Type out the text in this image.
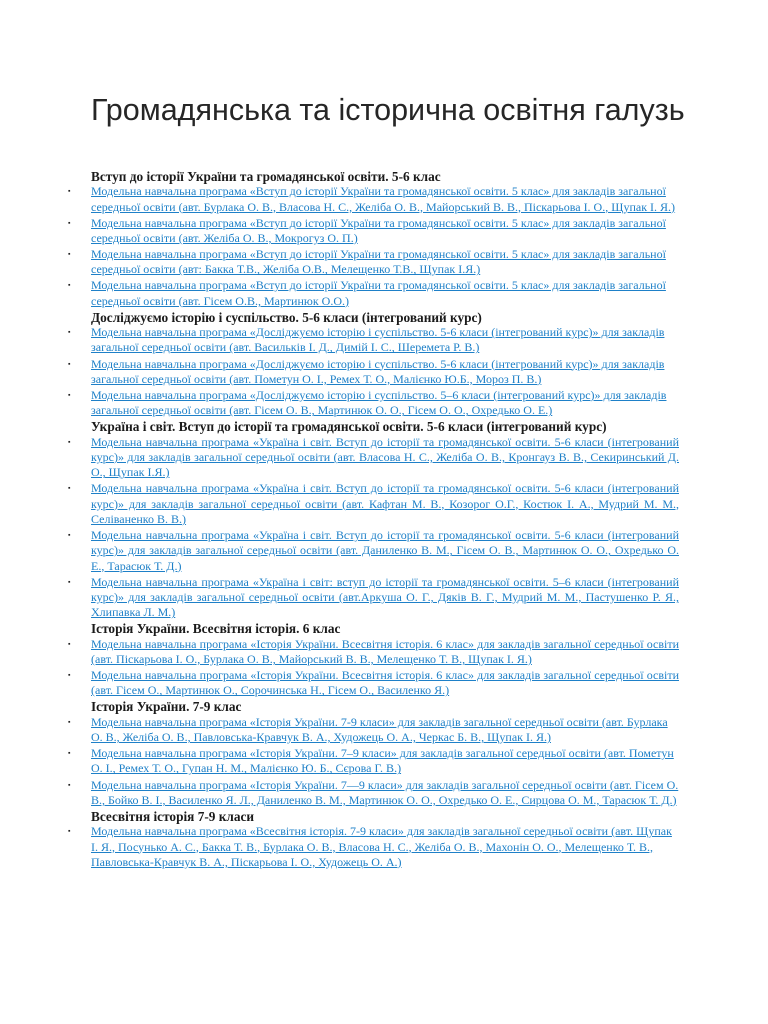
Громадянська та історична освітня галузь
Вступ до історії України та громадянської освіти. 5-6 клас
▪ Модельна навчальна програма «Вступ до історії України та громадянської освіти. 5 клас» для закладів загальної середньої освіти (авт. Бурлака О. В., Власова Н. С., Желіба О. В., Майорський В. В., Піскарьова І. О., Щупак І. Я.)
▪ Модельна навчальна програма «Вступ до історії України та громадянської освіти. 5 клас» для закладів загальної середньої освіти (авт. Желіба О. В., Мокрогуз О. П.)
▪ Модельна навчальна програма «Вступ до історії України та громадянської освіти. 5 клас» для закладів загальної середньої освіти (авт: Бакка Т.В., Желіба О.В., Мелещенко Т.В., Щупак І.Я.)
▪ Модельна навчальна програма «Вступ до історії України та громадянської освіти. 5 клас» для закладів загальної середньої освіти (авт. Гісем О.В., Мартинюк О.О.)
Досліджуємо історію і суспільство. 5-6 класи (інтегрований курс)
▪ Модельна навчальна програма «Досліджуємо історію і суспільство. 5-6 класи (інтегрований курс)» для закладів загальної середньої освіти (авт. Васильків І. Д., Димій І. С., Шеремета Р. В.)
▪ Модельна навчальна програма «Досліджуємо історію і суспільство. 5-6 класи (інтегрований курс)» для закладів загальної середньої освіти (авт. Пометун О. І., Ремех Т. О., Малієнко Ю.Б., Мороз П. В.)
▪ Модельна навчальна програма «Досліджуємо історію і суспільство. 5–6 класи (інтегрований курс)» для закладів загальної середньої освіти (авт. Гісем О. В., Мартинюк О. О., Гісем О. О., Охредько О. Е.)
Україна і світ. Вступ до історії та громадянської освіти. 5-6 класи (інтегрований курс)
▪ Модельна навчальна програма «Україна і світ. Вступ до історії та громадянської освіти. 5-6 класи (інтегрований курс)» для закладів загальної середньої освіти (авт. Власова Н. С., Желіба О. В., Кронгауз В. В., Секиринський Д. О., Щупак І.Я.)
▪ Модельна навчальна програма «Україна і світ. Вступ до історії та громадянської освіти. 5-6 класи (інтегрований курс)» для закладів загальної середньої освіти (авт. Кафтан М. В., Козорог О.Г., Костюк І. А., Мудрий М. М., Селіваненко В. В.)
▪ Модельна навчальна програма «Україна і світ. Вступ до історії та громадянської освіти. 5-6 класи (інтегрований курс)» для закладів загальної середньої освіти (авт. Даниленко В. М., Гісем О. В., Мартинюк О. О., Охредько О. Е., Тарасюк Т. Д.)
▪ Модельна навчальна програма «Україна і світ: вступ до історії та громадянської освіти. 5–6 класи (інтегрований курс)» для закладів загальної середньої освіти (авт.Аркуша О. Г., Дяків В. Г., Мудрий М. М., Пастушенко Р. Я., Хлипавка Л. М.)
Історія України. Всесвітня історія. 6 клас
▪ Модельна навчальна програма «Історія України. Всесвітня історія. 6 клас» для закладів загальної середньої освіти (авт. Піскарьова І. О., Бурлака О. В., Майорський В. В., Мелещенко Т. В., Щупак І. Я.)
▪ Модельна навчальна програма «Історія України. Всесвітня історія. 6 клас» для закладів загальної середньої освіти (авт. Гісем О., Мартинюк О., Сорочинська Н., Гісем О., Василенко Я.)
Історія України. 7-9 клас
▪ Модельна навчальна програма «Історія України. 7-9 класи» для закладів загальної середньої освіти (авт. Бурлака О. В., Желіба О. В., Павловська-Кравчук В. А., Художець О. А., Черкас Б. В., Щупак І. Я.)
▪ Модельна навчальна програма «Історія України. 7–9 класи» для закладів загальної середньої освіти (авт. Пометун О. І., Ремех Т. О., Гупан Н. М., Малієнко Ю. Б., Сєрова Г. В.)
▪ Модельна навчальна програма «Історія України. 7—9 класи» для закладів загальної середньої освіти (авт. Гісем О. В., Бойко В. І., Василенко Я. Л., Даниленко В. М., Мартинюк О. О., Охредько О. Е., Сирцова О. М., Тарасюк Т. Д.)
Всесвітня історія 7-9 класи
▪ Модельна навчальна програма «Всесвітня історія. 7-9 класи» для закладів загальної середньої освіти (авт. Щупак І. Я., Посунько А. С., Бакка Т. В., Бурлака О. В., Власова Н. С., Желіба О. В., Махонін О. О., Мелещенко Т. В., Павловська-Кравчук В. А., Піскарьова І. О., Художець О. А.)
